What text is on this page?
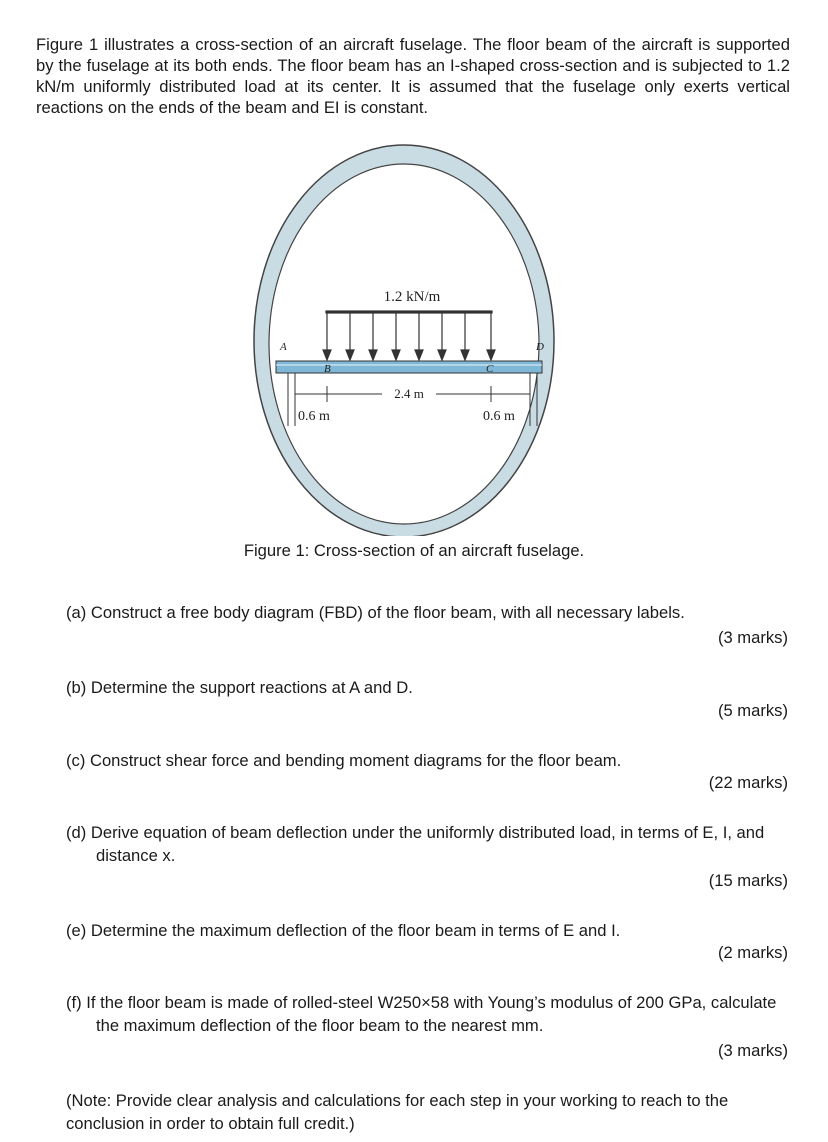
Figure 1 illustrates a cross-section of an aircraft fuselage. The floor beam of the aircraft is supported by the fuselage at its both ends. The floor beam has an I-shaped cross-section and is subjected to 1.2 kN/m uniformly distributed load at its center. It is assumed that the fuselage only exerts vertical reactions on the ends of the beam and EI is constant.
1.2 kN/m
A
B	C
D
2.4 m
0.6 m	0.6 m
Figure 1: Cross-section of an aircraft fuselage.
(a) Construct a free body diagram (FBD) of the floor beam, with all necessary labels.
(3 marks)
(b) Determine the support reactions at A and D.
(5 marks)
(c) Construct shear force and bending moment diagrams for the floor beam.
(22 marks)
(d) Derive equation of beam deflection under the uniformly distributed load, in terms of E, I, and distance x.
(15 marks)
(e) Determine the maximum deflection of the floor beam in terms of E and I.
(2 marks)
(f) If the floor beam is made of rolled-steel W250×58 with Young’s modulus of 200 GPa, calculate the maximum deflection of the floor beam to the nearest mm.
(3 marks)
(Note: Provide clear analysis and calculations for each step in your working to reach to the conclusion in order to obtain full credit.)
